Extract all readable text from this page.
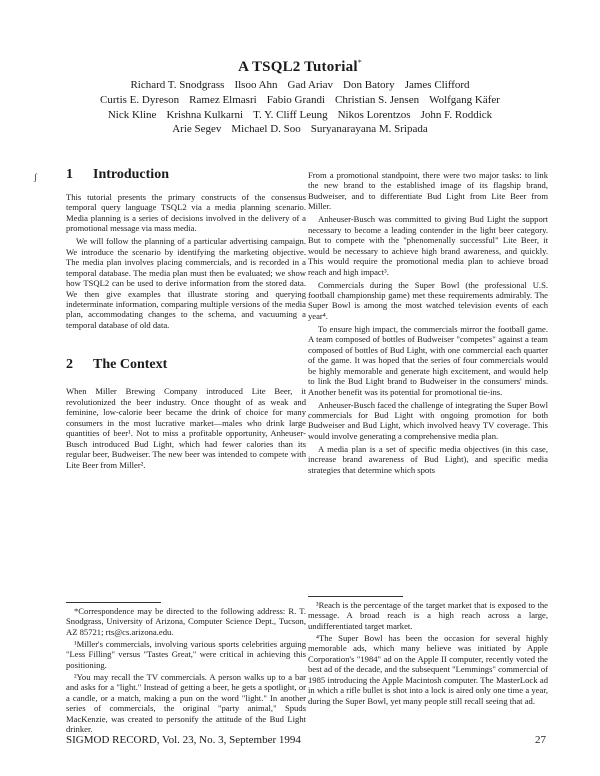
A TSQL2 Tutorial*
Richard T. Snodgrass Ilsoo Ahn Gad Ariav Don Batory James Clifford
Curtis E. Dyreson Ramez Elmasri Fabio Grandi Christian S. Jensen Wolfgang Käfer
Nick Kline Krishna Kulkarni T. Y. Cliff Leung Nikos Lorentzos John F. Roddick
Arie Segev Michael D. Soo Suryanarayana M. Sripada
ʃ 1	Introduction

This tutorial presents the primary constructs of the consensus temporal query language TSQL2 via a media planning scenario. Media planning is a series of decisions involved in the delivery of a promotional message via mass media.

We will follow the planning of a particular advertising campaign. We introduce the scenario by identifying the marketing objective. The media plan involves placing commercials, and is recorded in a temporal database. The media plan must then be evaluated; we show how TSQL2 can be used to derive information from the stored data. We then give examples that illustrate storing and querying indeterminate information, comparing multiple versions of the media plan, accommodating changes to the schema, and vacuuming a temporal database of old data.

2	The Context

When Miller Brewing Company introduced Lite Beer, it revolutionized the beer industry. Once thought of as weak and feminine, low-calorie beer became the drink of choice for many consumers in the most lucrative market—males who drink large quantities of beer¹. Not to miss a profitable opportunity, Anheuser-Busch introduced Bud Light, which had fewer calories than its regular beer, Budweiser. The new beer was intended to compete with Lite Beer from Miller².

From a promotional standpoint, there were two major tasks: to link the new brand to the established image of its flagship brand, Budweiser, and to differentiate Bud Light from Lite Beer from Miller.

Anheuser-Busch was committed to giving Bud Light the support necessary to become a leading contender in the light beer category. But to compete with the "phenomenally successful" Lite Beer, it would be necessary to achieve high brand awareness, and quickly. This would require the promotional media plan to achieve broad reach and high impact³.

Commercials during the Super Bowl (the professional U.S. football championship game) met these requirements admirably. The Super Bowl is among the most watched television events of each year⁴.

To ensure high impact, the commercials mirror the football game. A team composed of bottles of Budweiser "competes" against a team composed of bottles of Bud Light, with one commercial each quarter of the game. It was hoped that the series of four commercials would be highly memorable and generate high excitement, and would help to link the Bud Light brand to Budweiser in the consumers' minds. Another benefit was its potential for promotional tie-ins.

Anheuser-Busch faced the challenge of integrating the Super Bowl commercials for Bud Light with ongoing promotion for both Budweiser and Bud Light, which involved heavy TV coverage. This would involve generating a comprehensive media plan.

A media plan is a set of specific media objectives (in this case, increase brand awareness of Bud Light), and specific media strategies that determine which spots

*Correspondence may be directed to the following address: R. T. Snodgrass, University of Arizona, Computer Science Dept., Tucson, AZ 85721; rts@cs.arizona.edu.

¹Miller's commercials, involving various sports celebrities arguing "Less Filling" versus "Tastes Great," were critical in achieving this positioning.

²You may recall the TV commercials. A person walks up to a bar and asks for a "light." Instead of getting a beer, he gets a spotlight, or a candle, or a match, making a pun on the word "light." In another series of commercials, the original "party animal," Spuds MacKenzie, was created to personify the attitude of the Bud Light drinker.

³Reach is the percentage of the target market that is exposed to the message. A broad reach is a high reach across a large, undifferentiated target market.

⁴The Super Bowl has been the occasion for several highly memorable ads, which many believe was initiated by Apple Corporation's "1984" ad on the Apple II computer, recently voted the best ad of the decade, and the subsequent "Lemmings" commercial of 1985 introducing the Apple Macintosh computer. The MasterLock ad in which a rifle bullet is shot into a lock is aired only one time a year, during the Super Bowl, yet many people still recall seeing that ad.

SIGMOD RECORD, Vol. 23, No. 3, September 1994	27
